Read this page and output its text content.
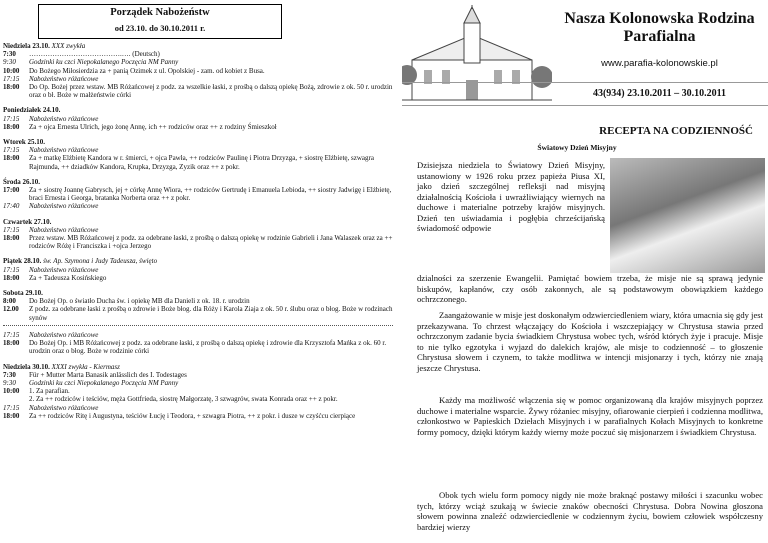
Porządek Nabożeństw
od 23.10. do 30.10.2011 r.
Niedziela 23.10. XXX zwykła
7:30	………………………………….…. (Deutsch)
9:30	Godzinki ku czci Niepokalanego Poczęcia NM Panny
10:00	Do Bożego Miłosierdzia za + panią Ozimek z ul. Opolskiej - zam. od kobiet z Busa.
17:15	Nabożeństwo różańcowe
18:00	Do Op. Bożej przez wstaw. MB Różańcowej z podz. za wszelkie łaski, z prośbą o dalszą opiekę Bożą, zdrowie z ok. 50 r. urodzin oraz o bł. Boże w małżeństwie córki
Poniedziałek 24.10.
17:15	Nabożeństwo różańcowe
18:00	Za + ojca Ernesta Ulrich, jego żonę Annę, ich ++ rodziców oraz ++ z rodziny Śmieszkoł
Wtorek 25.10.
17:15	Nabożeństwo różańcowe
18:00	Za + matkę Elżbietę Kandora w r. śmierci, + ojca Pawła, ++ rodziców Paulinę i Piotra Drzyzga, + siostrę Elżbietę, szwagra Rajmunda, ++ dziadków Kandora, Krupka, Drzyzga, Zyzik oraz ++ z pokr.
Środa 26.10.
17:00	Za + siostrę Joannę Gabrysch, jej + córkę Annę Wiora, ++ rodziców Gertrudę i Emanuela Lebioda, ++ siostry Jadwigę i Elżbietę, braci Ernesta i Georga, bratanka Norberta oraz ++ z pokr.
17:40	Nabożeństwo różańcowe
Czwartek 27.10.
17:15	Nabożeństwo różańcowe
18:00	Przez wstaw. MB Różańcowej z podz. za odebrane łaski, z prośbą o dalszą opiekę w rodzinie Gabrieli i Jana Walaszek oraz za ++ rodziców Różę i Franciszka i +ojca Jerzego
Piątek 28.10. św. Ap. Szymona i Judy Tadeusza, święto
17:15	Nabożeństwo różańcowe
18:00	Za + Tadeusza Kosińskiego
Sobota 29.10.
8:00	Do Bożej Op. o światło Ducha św. i opiekę MB dla Danieli z ok. 18. r. urodzin
12.00	Z podz. za odebrane łaski z prośbą o zdrowie i Boże błog. dla Róży i Karola Ziaja z ok. 50 r. ślubu oraz o błog. Boże w rodzinach synów
17:15	Nabożeństwo różańcowe
18:00	Do Bożej Op. i MB Różańcowej z podz. za odebrane łaski, z prośbą o dalszą opiekę i zdrowie dla Krzysztofa Mańka z ok. 60 r. urodzin oraz o błog. Boże w rodzinie córki
Niedziela 30.10. XXXI zwykła - Kiermasz
7:30	Für + Mutter Marta Banasik anlässlich des I. Todestages
9:30	Godzinki ku czci Niepokalanego Poczęcia NM Panny
10:00	1. Za parafian.
2. Za ++ rodziców i teściów, męża Gottfrieda, siostrę Małgorzatę, 3 szwagrów, swata Konrada oraz ++ z pokr.
17:15	Nabożeństwo różańcowe
18:00	Za ++ rodziców Ritę i Augustyna, teściów Łucję i Teodora, + szwagra Piotra, ++ z pokr. i dusze w czyśćcu cierpiące
Nasza Kolonowska Rodzina Parafialna
www.parafia-kolonowskie.pl
43(934) 23.10.2011 – 30.10.2011
RECEPTA NA CODZIENNOŚĆ
Światowy Dzień Misyjny
Dzisiejsza niedziela to Światowy Dzień Misyjny, ustanowiony w 1926 roku przez papieża Piusa XI, jako dzień szczególnej refleksji nad misyjną działalnością Kościoła i uwrażliwiający wiernych na duchowe i materialne potrzeby krajów misyjnych. Dzień ten uświadamia i pogłębia chrześcijańską świadomość odpowie
dzialności za szerzenie Ewangelii. Pamiętać bowiem trzeba, że misje nie są sprawą jedynie biskupów, kapłanów, czy osób zakonnych, ale są podstawowym obowiązkiem każdego ochrzczonego.
Zaangażowanie w misje jest doskonałym odzwierciedleniem wiary, która umacnia się gdy jest przekazywana. To chrzest włączający do Kościoła i wszczepiający w Chrystusa stawia przed ochrzczonym zadanie bycia świadkiem Chrystusa wobec tych, wśród których żyje i pracuje. Misje to nie tylko egzotyka i wyjazd do dalekich krajów, ale misje to codzienność – to głoszenie Chrystusa słowem i czynem, to także modlitwa w intencji misjonarzy i tych, którzy nie znają jeszcze Chrystusa.
Każdy ma możliwość włączenia się w pomoc organizowaną dla krajów misyjnych poprzez duchowe i materialne wsparcie. Żywy różaniec misyjny, ofiarowanie cierpień i codzienna modlitwa, członkostwo w Papieskich Dziełach Misyjnych i w parafialnych Kołach Misyjnych to konkretne formy pomocy, dzięki którym każdy wierny może poczuć się misjonarzem i świadkiem Chrystusa.
Obok tych wielu form pomocy nigdy nie może braknąć postawy miłości i szacunku wobec tych, którzy wciąż szukają w świecie znaków obecności Chrystusa. Dobra Nowina głoszona słowem powinna znaleźć odzwierciedlenie w codziennym życiu, bowiem człowiek współczesny bardziej wierzy
